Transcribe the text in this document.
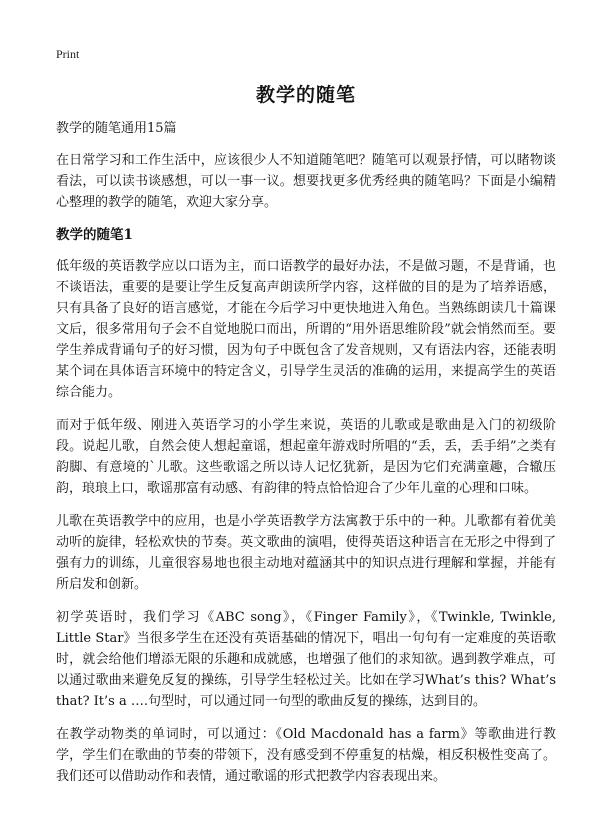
Print
教学的随笔

教学的随笔通用15篇

在日常学习和工作生活中，应该很少人不知道随笔吧？随笔可以观景抒情，可以睹物谈看法，可以读书谈感想，可以一事一议。想要找更多优秀经典的随笔吗？下面是小编精心整理的教学的随笔，欢迎大家分享。

教学的随笔1

低年级的英语教学应以口语为主，而口语教学的最好办法，不是做习题，不是背诵，也不谈语法，重要的是要让学生反复高声朗读所学内容，这样做的目的是为了培养语感，只有具备了良好的语言感觉，才能在今后学习中更快地进入角色。当熟练朗读几十篇课文后，很多常用句子会不自觉地脱口而出，所谓的“用外语思维阶段”就会悄然而至。要学生养成背诵句子的好习惯，因为句子中既包含了发音规则，又有语法内容，还能表明某个词在具体语言环境中的特定含义，引导学生灵活的准确的运用，来提高学生的英语综合能力。

而对于低年级、刚进入英语学习的小学生来说，英语的儿歌或是歌曲是入门的初级阶段。说起儿歌，自然会使人想起童谣，想起童年游戏时所唱的“丢，丢，丢手绢”之类有韵脚、有意境的`儿歌。这些歌谣之所以诗人记忆犹新，是因为它们充满童趣，合辙压韵，琅琅上口，歌谣那富有动感、有韵律的特点恰恰迎合了少年儿童的心理和口味。

儿歌在英语教学中的应用，也是小学英语教学方法寓教于乐中的一种。儿歌都有着优美动听的旋律，轻松欢快的节奏。英文歌曲的演唱，使得英语这种语言在无形之中得到了强有力的训练，儿童很容易地也很主动地对蕴涵其中的知识点进行理解和掌握，并能有所启发和创新。

初学英语时，我们学习《ABC song》，《Finger Family》，《Twinkle, Twinkle, Little Star》当很多学生在还没有英语基础的情况下，唱出一句句有一定难度的英语歌时，就会给他们增添无限的乐趣和成就感，也增强了他们的求知欲。遇到教学难点，可以通过歌曲来避免反复的操练，引导学生轻松过关。比如在学习What’s this? What’s that? It’s a ….句型时，可以通过同一句型的歌曲反复的操练，达到目的。

在教学动物类的单词时，可以通过：《Old Macdonald has a farm》等歌曲进行教学，学生们在歌曲的节奏的带领下，没有感受到不停重复的枯燥，相反积极性变高了。我们还可以借助动作和表情，通过歌谣的形式把教学内容表现出来。
